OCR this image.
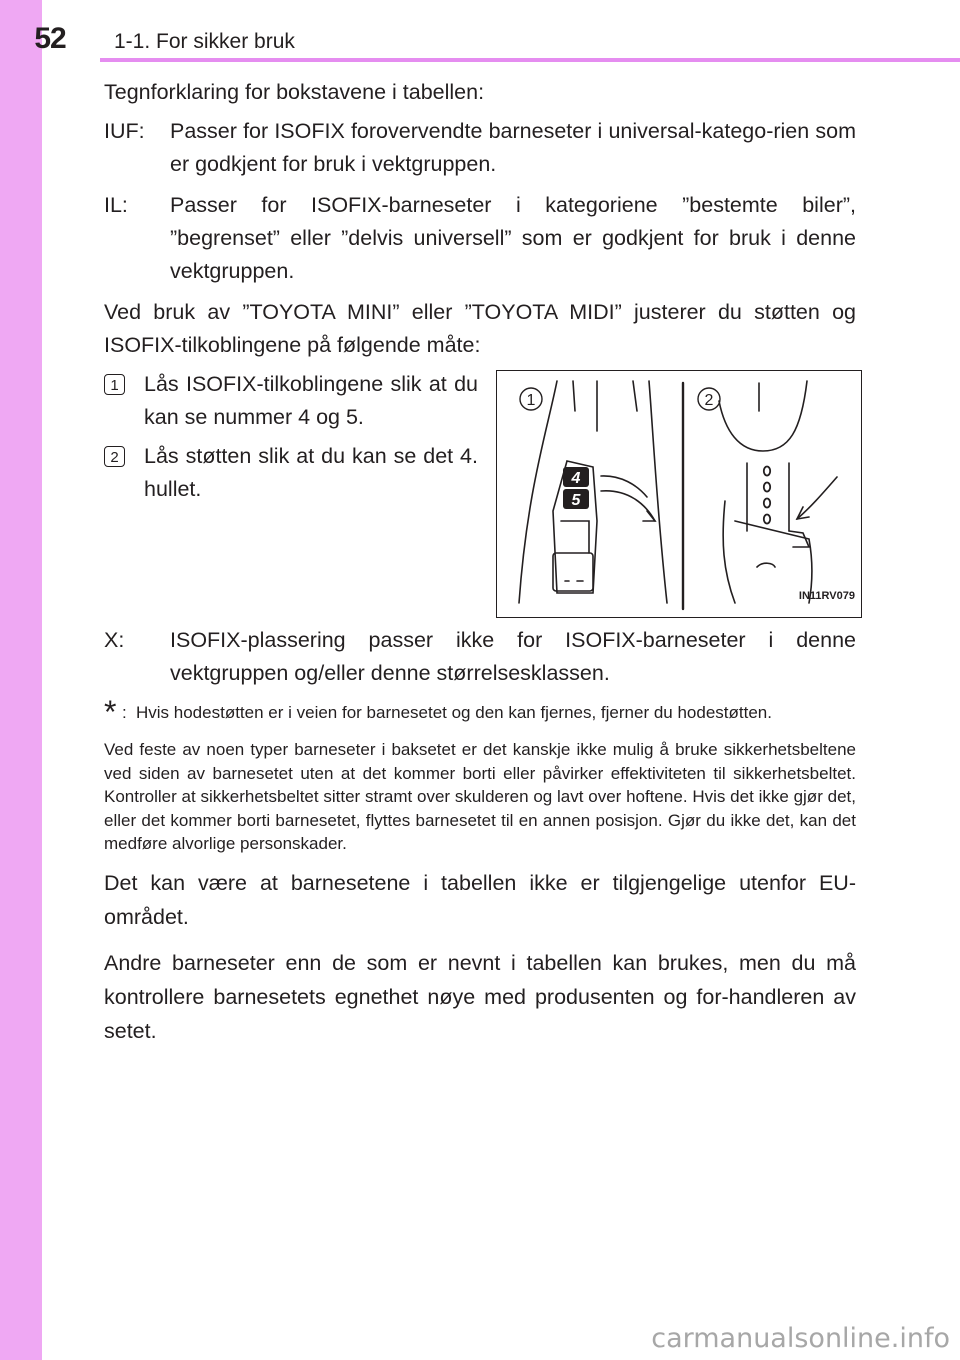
52	1-1. For sikker bruk

Tegnforklaring for bokstavene i tabellen:

IUF:	Passer for ISOFIX forovervendte barneseter i universal-katego-rien som er godkjent for bruk i vektgruppen.
IL:	Passer for ISOFIX-barneseter i kategoriene ”bestemte biler”, ”begrenset” eller ”delvis universell” som er godkjent for bruk i denne vektgruppen.

Ved bruk av ”TOYOTA MINI” eller ”TOYOTA MIDI” justerer du støtten og ISOFIX-tilkoblingene på følgende måte:

1 Lås ISOFIX-tilkoblingene slik at du kan se nummer 4 og 5.
2 Lås støtten slik at du kan se det 4. hullet.	4
5
1	2
IN11RV079
X:	ISOFIX-plassering passer ikke for ISOFIX-barneseter i denne vektgruppen og/eller denne størrelsesklassen.
* : Hvis hodestøtten er i veien for barnesetet og den kan fjernes, fjerner du hodestøtten.

Ved feste av noen typer barneseter i baksetet er det kanskje ikke mulig å bruke sikkerhetsbeltene ved siden av barnesetet uten at det kommer borti eller påvirker effektiviteten til sikkerhetsbeltet. Kontroller at sikkerhetsbeltet sitter stramt over skulderen og lavt over hoftene. Hvis det ikke gjør det, eller det kommer borti barnesetet, flyttes barnesetet til en annen posisjon. Gjør du ikke det, kan det medføre alvorlige personskader.

Det kan være at barnesetene i tabellen ikke er tilgjengelige utenfor EU-området.

Andre barneseter enn de som er nevnt i tabellen kan brukes, men du må kontrollere barnesetets egnethet nøye med produsenten og for-handleren av setet.

carmanualsonline.info
